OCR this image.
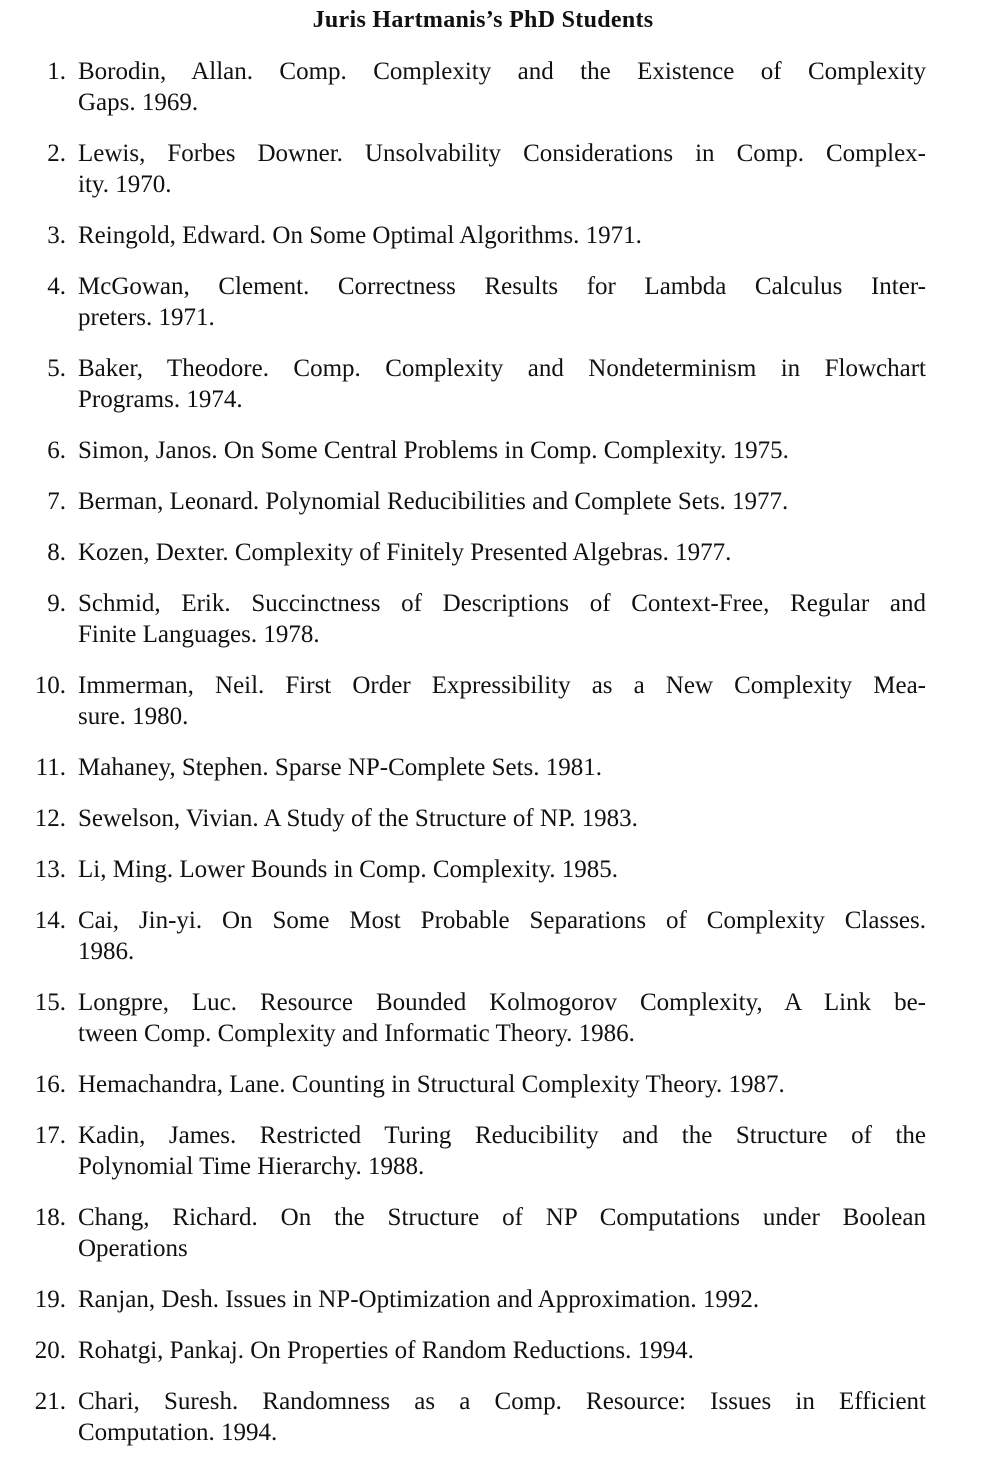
Juris Hartmanis’s PhD Students
1. Borodin, Allan. Comp. Complexity and the Existence of Complexity
Gaps. 1969.
2. Lewis, Forbes Downer. Unsolvability Considerations in Comp. Complex-
ity. 1970.
3. Reingold, Edward. On Some Optimal Algorithms. 1971.
4. McGowan, Clement. Correctness Results for Lambda Calculus Inter-
preters. 1971.
5. Baker, Theodore. Comp. Complexity and Nondeterminism in Flowchart
Programs. 1974.
6. Simon, Janos. On Some Central Problems in Comp. Complexity. 1975.
7. Berman, Leonard. Polynomial Reducibilities and Complete Sets. 1977.
8. Kozen, Dexter. Complexity of Finitely Presented Algebras. 1977.
9. Schmid, Erik. Succinctness of Descriptions of Context-Free, Regular and
Finite Languages. 1978.
10. Immerman, Neil. First Order Expressibility as a New Complexity Mea-
sure. 1980.
11. Mahaney, Stephen. Sparse NP-Complete Sets. 1981.
12. Sewelson, Vivian. A Study of the Structure of NP. 1983.
13. Li, Ming. Lower Bounds in Comp. Complexity. 1985.
14. Cai, Jin-yi. On Some Most Probable Separations of Complexity Classes.
1986.
15. Longpre, Luc. Resource Bounded Kolmogorov Complexity, A Link be-
tween Comp. Complexity and Informatic Theory. 1986.
16. Hemachandra, Lane. Counting in Structural Complexity Theory. 1987.
17. Kadin, James. Restricted Turing Reducibility and the Structure of the
Polynomial Time Hierarchy. 1988.
18. Chang, Richard. On the Structure of NP Computations under Boolean
Operations
19. Ranjan, Desh. Issues in NP-Optimization and Approximation. 1992.
20. Rohatgi, Pankaj. On Properties of Random Reductions. 1994.
21. Chari, Suresh. Randomness as a Comp. Resource: Issues in Efficient
Computation. 1994.
